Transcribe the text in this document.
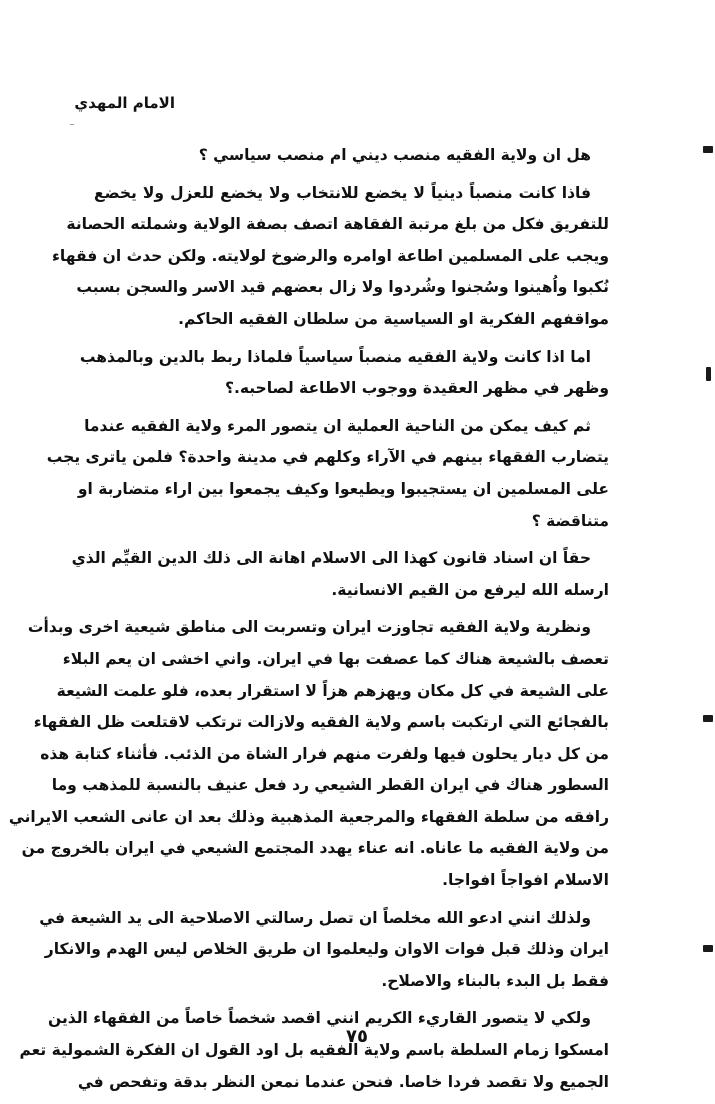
الامام المهدي

هل ان ولاية الفقيه منصب ديني ام منصب سياسي ؟

فاذا كانت منصباً دينياً لا يخضع للانتخاب ولا يخضع للعزل ولا يخضع
للتفريق فكل من بلغ مرتبة الفقاهة اتصف بصفة الولاية وشملته الحصانة
ويجب على المسلمين اطاعة اوامره والرضوخ لولايته. ولكن حدث ان فقهاء
نُكبوا واُهينوا وسُجنوا وشُردوا ولا زال بعضهم قيد الاسر والسجن بسبب
مواقفهم الفكرية او السياسية من سلطان الفقيه الحاكم.

اما اذا كانت ولاية الفقيه منصباً سياسياً فلماذا ربط بالدين وبالمذهب
وظهر في مظهر العقيدة ووجوب الاطاعة لصاحبه.؟

ثم كيف يمكن من الناحية العملية ان يتصور المرء ولاية الفقيه عندما
يتضارب الفقهاء بينهم في الآراء وكلهم في مدينة واحدة؟ فلمن ياترى يجب
على المسلمين ان يستجيبوا ويطيعوا وكيف يجمعوا بين اراء متضاربة او
متناقضة ؟

حقاً ان اسناد قانون كهذا الى الاسلام اهانة الى ذلك الدين القيِّم الذي
ارسله الله ليرفع من القيم الانسانية.

ونظرية ولاية الفقيه تجاوزت ايران وتسربت الى مناطق شيعية اخرى وبدأت
تعصف بالشيعة هناك كما عصفت بها في ايران. واني اخشى ان يعم البلاء
على الشيعة في كل مكان ويهزهم هزاً لا استقرار بعده، فلو علمت الشيعة
بالفجائع التي ارتكبت باسم ولاية الفقيه ولازالت ترتكب لاقتلعت ظل الفقهاء
من كل ديار يحلون فيها ولفرت منهم فرار الشاة من الذئب. فأثناء كتابة هذه
السطور هناك في ايران القطر الشيعي رد فعل عنيف بالنسبة للمذهب وما
رافقه من سلطة الفقهاء والمرجعية المذهبية وذلك بعد ان عانى الشعب الايراني
من ولاية الفقيه ما عاناه. انه عناء يهدد المجتمع الشيعي في ايران بالخروج من
الاسلام افواجاً افواجا.

ولذلك انني ادعو الله مخلصاً ان تصل رسالتي الاصلاحية الى يد الشيعة في
ايران وذلك قبل فوات الاوان وليعلموا ان طريق الخلاص ليس الهدم والانكار
فقط بل البدء بالبناء والاصلاح.

ولكي لا يتصور القاريء الكريم انني اقصد شخصاً خاصاً من الفقهاء الذين
امسكوا زمام السلطة باسم ولاية الفقيه بل اود القول ان الفكرة الشمولية تعم
الجميع ولا تقصد فردا خاصا. فنحن عندما نمعن النظر بدقة وتفحص في

٧٥
